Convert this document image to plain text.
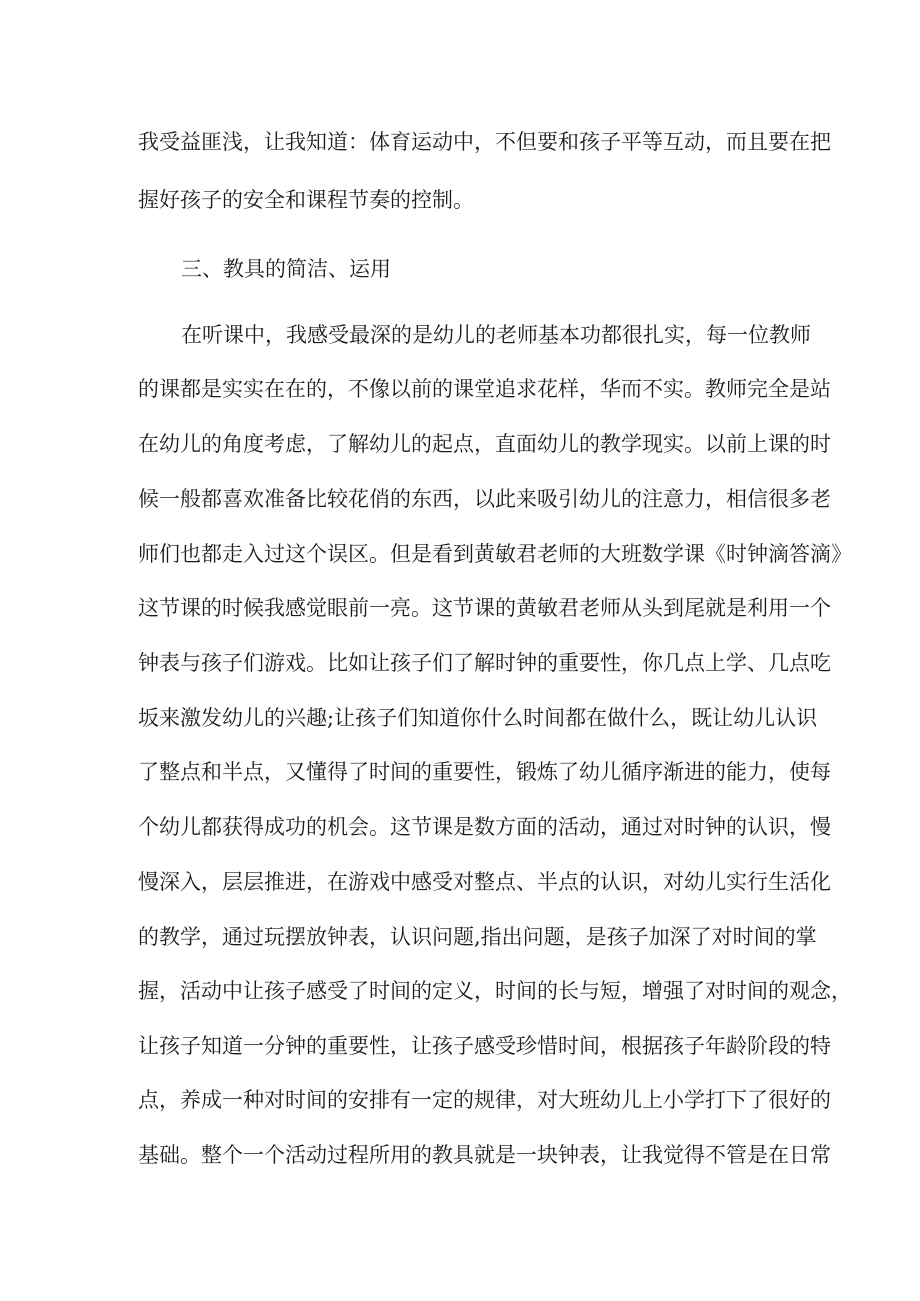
我受益匪浅，让我知道：体育运动中，不但要和孩子平等互动，而且要在把
握好孩子的安全和课程节奏的控制。
三、教具的简洁、运用
在听课中，我感受最深的是幼儿的老师基本功都很扎实，每一位教师
的课都是实实在在的，不像以前的课堂追求花样，华而不实。教师完全是站
在幼儿的角度考虑，了解幼儿的起点，直面幼儿的教学现实。以前上课的时
候一般都喜欢准备比较花俏的东西，以此来吸引幼儿的注意力，相信很多老
师们也都走入过这个误区。但是看到黄敏君老师的大班数学课《时钟滴答滴》
这节课的时候我感觉眼前一亮。这节课的黄敏君老师从头到尾就是利用一个
钟表与孩子们游戏。比如让孩子们了解时钟的重要性，你几点上学、几点吃
坂来激发幼儿的兴趣;让孩子们知道你什么时间都在做什么，既让幼儿认识
了整点和半点，又懂得了时间的重要性，锻炼了幼儿循序渐进的能力，使每
个幼儿都获得成功的机会。这节课是数方面的活动，通过对时钟的认识，慢
慢深入，层层推进，在游戏中感受对整点、半点的认识，对幼儿实行生活化
的教学，通过玩摆放钟表，认识问题,指出问题，是孩子加深了对时间的掌
握，活动中让孩子感受了时间的定义，时间的长与短，增强了对时间的观念，
让孩子知道一分钟的重要性，让孩子感受珍惜时间，根据孩子年龄阶段的特
点，养成一种对时间的安排有一定的规律，对大班幼儿上小学打下了很好的
基础。整个一个活动过程所用的教具就是一块钟表，让我觉得不管是在日常
